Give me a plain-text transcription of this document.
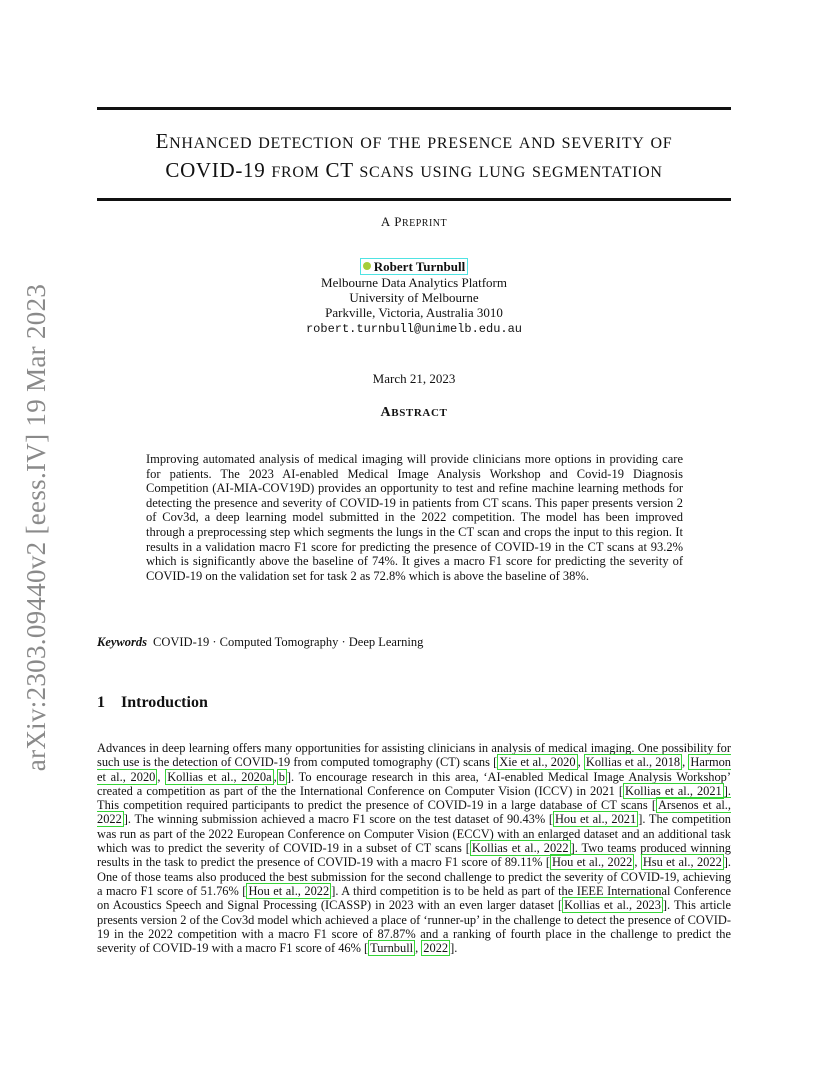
arXiv:2303.09440v2 [eess.IV] 19 Mar 2023
ENHANCED DETECTION OF THE PRESENCE AND SEVERITY OF
COVID-19 FROM CT SCANS USING LUNG SEGMENTATION
A PREPRINT
Robert Turnbull
Melbourne Data Analytics Platform
University of Melbourne
Parkville, Victoria, Australia 3010
robert.turnbull@unimelb.edu.au
March 21, 2023
ABSTRACT

Improving automated analysis of medical imaging will provide clinicians more options in providing care for patients. The 2023 AI-enabled Medical Image Analysis Workshop and Covid-19 Diagnosis Competition (AI-MIA-COV19D) provides an opportunity to test and refine machine learning methods for detecting the presence and severity of COVID-19 in patients from CT scans. This paper presents version 2 of Cov3d, a deep learning model submitted in the 2022 competition. The model has been improved through a preprocessing step which segments the lungs in the CT scan and crops the input to this region. It results in a validation macro F1 score for predicting the presence of COVID-19 in the CT scans at 93.2% which is significantly above the baseline of 74%. It gives a macro F1 score for predicting the severity of COVID-19 on the validation set for task 2 as 72.8% which is above the baseline of 38%.

Keywords COVID-19 · Computed Tomography · Deep Learning
1 Introduction

Advances in deep learning offers many opportunities for assisting clinicians in analysis of medical imaging. One possibility for such use is the detection of COVID-19 from computed tomography (CT) scans [ Xie et al., 2020 , Kollias et al., 2018 , Harmon et al., 2020 , Kollias et al., 2020a , b ]. To encourage research in this area, ‘AI-enabled Medical Image Analysis Workshop’ created a competition as part of the the International Conference on Computer Vision (ICCV) in 2021 [ Kollias et al., 2021 ]. This competition required participants to predict the presence of COVID-19 in a large database of CT scans [ Arsenos et al., 2022 ]. The winning submission achieved a macro F1 score on the test dataset of 90.43% [ Hou et al., 2021 ]. The competition was run as part of the 2022 European Conference on Computer Vision (ECCV) with an enlarged dataset and an additional task which was to predict the severity of COVID-19 in a subset of CT scans [ Kollias et al., 2022 ]. Two teams produced winning results in the task to predict the presence of COVID-19 with a macro F1 score of 89.11% [ Hou et al., 2022 , Hsu et al., 2022 ]. One of those teams also produced the best submission for the second challenge to predict the severity of COVID-19, achieving a macro F1 score of 51.76% [ Hou et al., 2022 ]. A third competition is to be held as part of the IEEE International Conference on Acoustics Speech and Signal Processing (ICASSP) in 2023 with an even larger dataset [ Kollias et al., 2023 ]. This article presents version 2 of the Cov3d model which achieved a place of ‘runner-up’ in the challenge to detect the presence of COVID-19 in the 2022 competition with a macro F1 score of 87.87% and a ranking of fourth place in the challenge to predict the severity of COVID-19 with a macro F1 score of 46% [ Turnbull , 2022 ].
